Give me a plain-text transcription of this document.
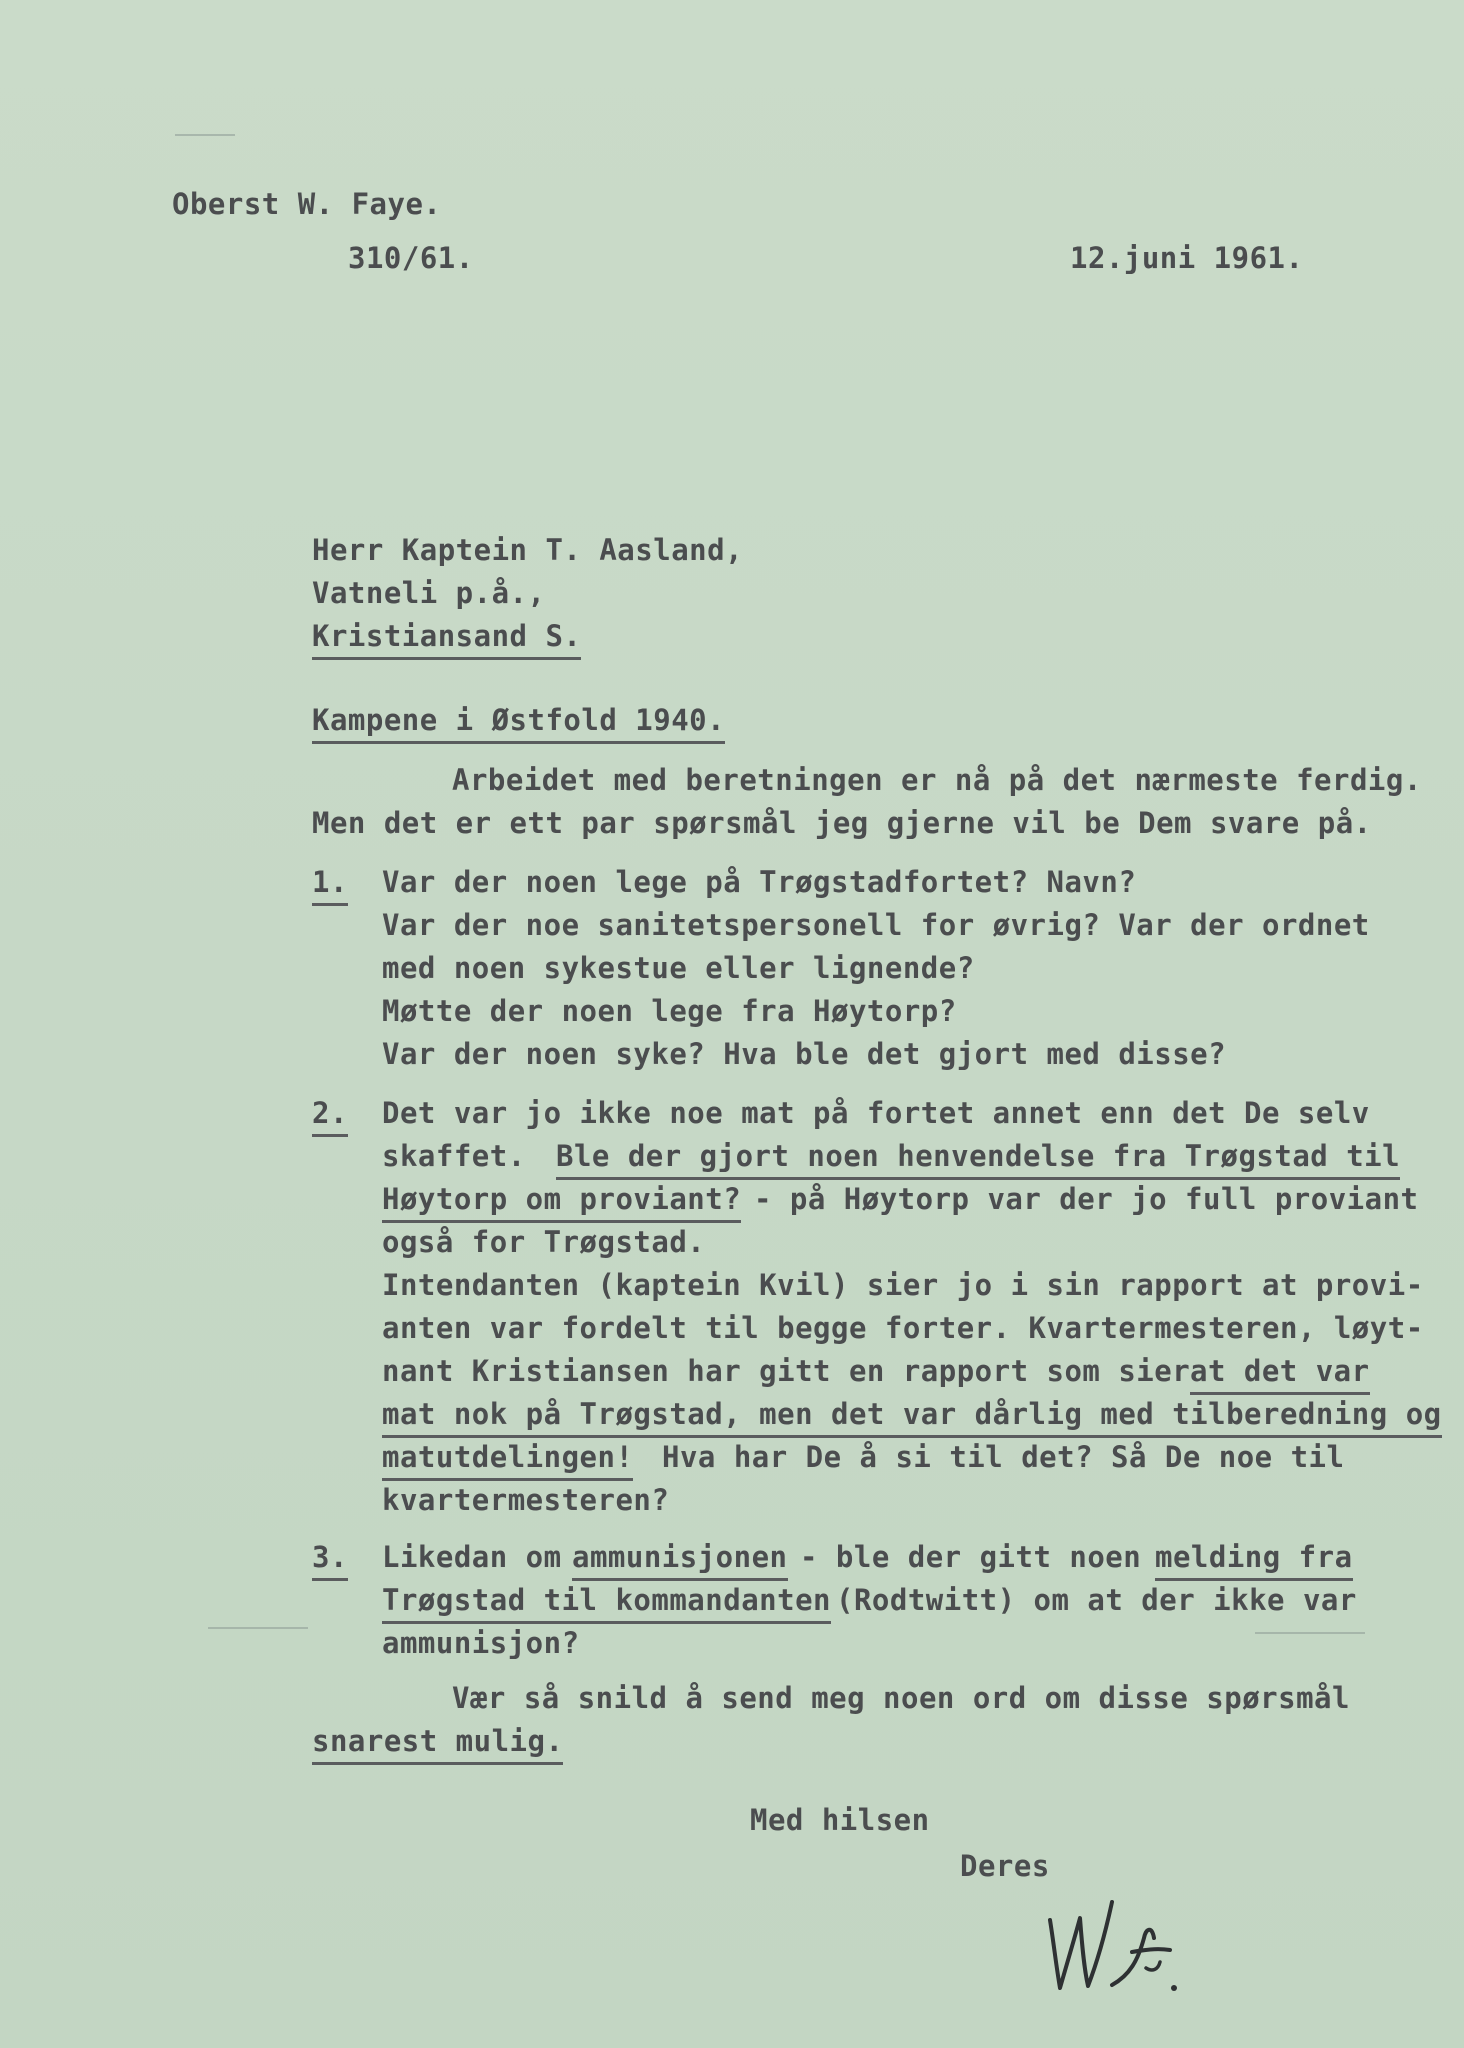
Oberst W. Faye.
310/61.	12.juni 1961.
Herr Kaptein T. Aasland,
Vatneli p.å.,
Kristiansand S.
Kampene i Østfold 1940.
Arbeidet med beretningen er nå på det nærmeste ferdig.
Men det er ett par spørsmål jeg gjerne vil be Dem svare på.
1. Var der noen lege på Trøgstadfortet? Navn?
Var der noe sanitetspersonell for øvrig? Var der ordnet
med noen sykestue eller lignende?
Møtte der noen lege fra Høytorp?
Var der noen syke? Hva ble det gjort med disse?
2. Det var jo ikke noe mat på fortet annet enn det De selv
skaffet. Ble der gjort noen henvendelse fra Trøgstad til
Høytorp om proviant? - på Høytorp var der jo full proviant
også for Trøgstad.
Intendanten (kaptein Kvil) sier jo i sin rapport at provi-
anten var fordelt til begge forter. Kvartermesteren, løyt-
nant Kristiansen har gitt en rapport som sier at det var
mat nok på Trøgstad, men det var dårlig med tilberedning og
matutdelingen! Hva har De å si til det? Så De noe til
kvartermesteren?
3. Likedan om ammunisjonen - ble der gitt noen melding fra
Trøgstad til kommandanten (Rodtwitt) om at der ikke var
ammunisjon?
Vær så snild å send meg noen ord om disse spørsmål
snarest mulig.
Med hilsen
Deres
